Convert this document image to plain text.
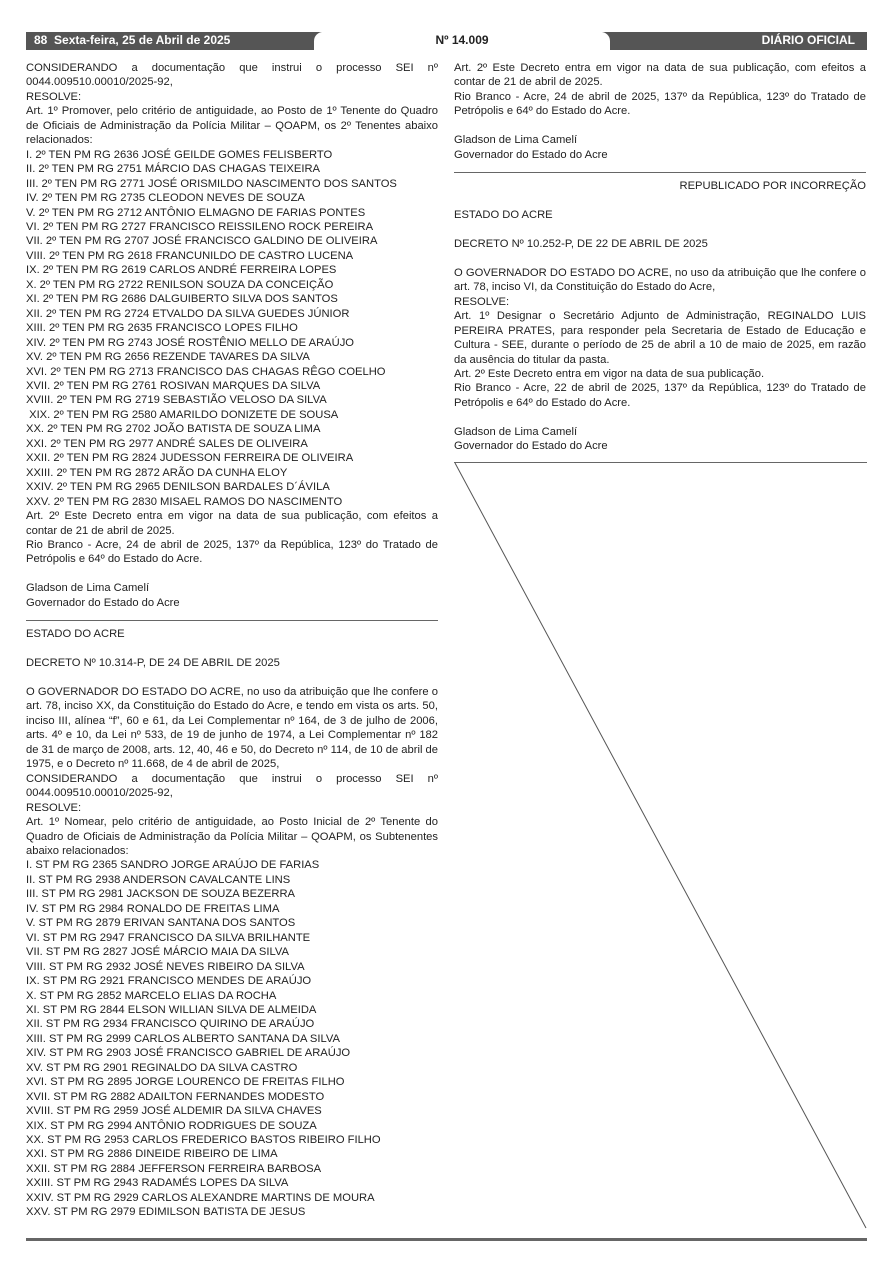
88 Sexta-feira, 25 de Abril de 2025	Nº 14.009	DIÁRIO OFICIAL

CONSIDERANDO a documentação que instrui o processo SEI nº 0044.009510.00010/2025-92,

RESOLVE:

Art. 1º Promover, pelo critério de antiguidade, ao Posto de 1º Tenente do Quadro de Oficiais de Administração da Polícia Militar – QOAPM, os 2º Tenentes abaixo relacionados:

I. 2º TEN PM RG 2636 JOSÉ GEILDE GOMES FELISBERTO

II. 2º TEN PM RG 2751 MÁRCIO DAS CHAGAS TEIXEIRA

III. 2º TEN PM RG 2771 JOSÉ ORISMILDO NASCIMENTO DOS SANTOS

IV. 2º TEN PM RG 2735 CLEODON NEVES DE SOUZA

V. 2º TEN PM RG 2712 ANTÔNIO ELMAGNO DE FARIAS PONTES

VI. 2º TEN PM RG 2727 FRANCISCO REISSILENO ROCK PEREIRA

VII. 2º TEN PM RG 2707 JOSÉ FRANCISCO GALDINO DE OLIVEIRA

VIII. 2º TEN PM RG 2618 FRANCUNILDO DE CASTRO LUCENA

IX. 2º TEN PM RG 2619 CARLOS ANDRÉ FERREIRA LOPES

X. 2º TEN PM RG 2722 RENILSON SOUZA DA CONCEIÇÃO

XI. 2º TEN PM RG 2686 DALGUIBERTO SILVA DOS SANTOS

XII. 2º TEN PM RG 2724 ETVALDO DA SILVA GUEDES JÚNIOR

XIII. 2º TEN PM RG 2635 FRANCISCO LOPES FILHO

XIV. 2º TEN PM RG 2743 JOSÉ ROSTÊNIO MELLO DE ARAÚJO

XV. 2º TEN PM RG 2656 REZENDE TAVARES DA SILVA

XVI. 2º TEN PM RG 2713 FRANCISCO DAS CHAGAS RÊGO COELHO

XVII. 2º TEN PM RG 2761 ROSIVAN MARQUES DA SILVA

XVIII. 2º TEN PM RG 2719 SEBASTIÃO VELOSO DA SILVA

XIX. 2º TEN PM RG 2580 AMARILDO DONIZETE DE SOUSA

XX. 2º TEN PM RG 2702 JOÃO BATISTA DE SOUZA LIMA

XXI. 2º TEN PM RG 2977 ANDRÉ SALES DE OLIVEIRA

XXII. 2º TEN PM RG 2824 JUDESSON FERREIRA DE OLIVEIRA

XXIII. 2º TEN PM RG 2872 ARÃO DA CUNHA ELOY

XXIV. 2º TEN PM RG 2965 DENILSON BARDALES D´ÁVILA

XXV. 2º TEN PM RG 2830 MISAEL RAMOS DO NASCIMENTO

Art. 2º Este Decreto entra em vigor na data de sua publicação, com efeitos a contar de 21 de abril de 2025.

Rio Branco - Acre, 24 de abril de 2025, 137º da República, 123º do Tratado de Petrópolis e 64º do Estado do Acre.

Gladson de Lima Camelí

Governador do Estado do Acre

ESTADO DO ACRE

DECRETO Nº 10.314-P, DE 24 DE ABRIL DE 2025

O GOVERNADOR DO ESTADO DO ACRE, no uso da atribuição que lhe confere o art. 78, inciso XX, da Constituição do Estado do Acre, e tendo em vista os arts. 50, inciso III, alínea “f”, 60 e 61, da Lei Complementar nº 164, de 3 de julho de 2006, arts. 4º e 10, da Lei nº 533, de 19 de junho de 1974, a Lei Complementar nº 182 de 31 de março de 2008, arts. 12, 40, 46 e 50, do Decreto nº 114, de 10 de abril de 1975, e o Decreto nº 11.668, de 4 de abril de 2025,

CONSIDERANDO a documentação que instrui o processo SEI nº 0044.009510.00010/2025-92,

RESOLVE:

Art. 1º Nomear, pelo critério de antiguidade, ao Posto Inicial de 2º Tenente do Quadro de Oficiais de Administração da Polícia Militar – QOAPM, os Subtenentes abaixo relacionados:

I. ST PM RG 2365 SANDRO JORGE ARAÚJO DE FARIAS

II. ST PM RG 2938 ANDERSON CAVALCANTE LINS

III. ST PM RG 2981 JACKSON DE SOUZA BEZERRA

IV. ST PM RG 2984 RONALDO DE FREITAS LIMA

V. ST PM RG 2879 ERIVAN SANTANA DOS SANTOS

VI. ST PM RG 2947 FRANCISCO DA SILVA BRILHANTE

VII. ST PM RG 2827 JOSÉ MÁRCIO MAIA DA SILVA

VIII. ST PM RG 2932 JOSÉ NEVES RIBEIRO DA SILVA

IX. ST PM RG 2921 FRANCISCO MENDES DE ARAÚJO

X. ST PM RG 2852 MARCELO ELIAS DA ROCHA

XI. ST PM RG 2844 ELSON WILLIAN SILVA DE ALMEIDA

XII. ST PM RG 2934 FRANCISCO QUIRINO DE ARAÚJO

XIII. ST PM RG 2999 CARLOS ALBERTO SANTANA DA SILVA

XIV. ST PM RG 2903 JOSÉ FRANCISCO GABRIEL DE ARAÚJO

XV. ST PM RG 2901 REGINALDO DA SILVA CASTRO

XVI. ST PM RG 2895 JORGE LOURENCO DE FREITAS FILHO

XVII. ST PM RG 2882 ADAILTON FERNANDES MODESTO

XVIII. ST PM RG 2959 JOSÉ ALDEMIR DA SILVA CHAVES

XIX. ST PM RG 2994 ANTÔNIO RODRIGUES DE SOUZA

XX. ST PM RG 2953 CARLOS FREDERICO BASTOS RIBEIRO FILHO

XXI. ST PM RG 2886 DINEIDE RIBEIRO DE LIMA

XXII. ST PM RG 2884 JEFFERSON FERREIRA BARBOSA

XXIII. ST PM RG 2943 RADAMÉS LOPES DA SILVA

XXIV. ST PM RG 2929 CARLOS ALEXANDRE MARTINS DE MOURA

XXV. ST PM RG 2979 EDIMILSON BATISTA DE JESUS

Art. 2º Este Decreto entra em vigor na data de sua publicação, com efeitos a contar de 21 de abril de 2025.

Rio Branco - Acre, 24 de abril de 2025, 137º da República, 123º do Tratado de Petrópolis e 64º do Estado do Acre.

Gladson de Lima Camelí

Governador do Estado do Acre

REPUBLICADO POR INCORREÇÃO

ESTADO DO ACRE

DECRETO Nº 10.252-P, DE 22 DE ABRIL DE 2025

O GOVERNADOR DO ESTADO DO ACRE, no uso da atribuição que lhe confere o art. 78, inciso VI, da Constituição do Estado do Acre,

RESOLVE:

Art. 1º Designar o Secretário Adjunto de Administração, REGINALDO LUIS PEREIRA PRATES, para responder pela Secretaria de Estado de Educação e Cultura - SEE, durante o período de 25 de abril a 10 de maio de 2025, em razão da ausência do titular da pasta.

Art. 2º Este Decreto entra em vigor na data de sua publicação.

Rio Branco - Acre, 22 de abril de 2025, 137º da República, 123º do Tratado de Petrópolis e 64º do Estado do Acre.

Gladson de Lima Camelí

Governador do Estado do Acre
